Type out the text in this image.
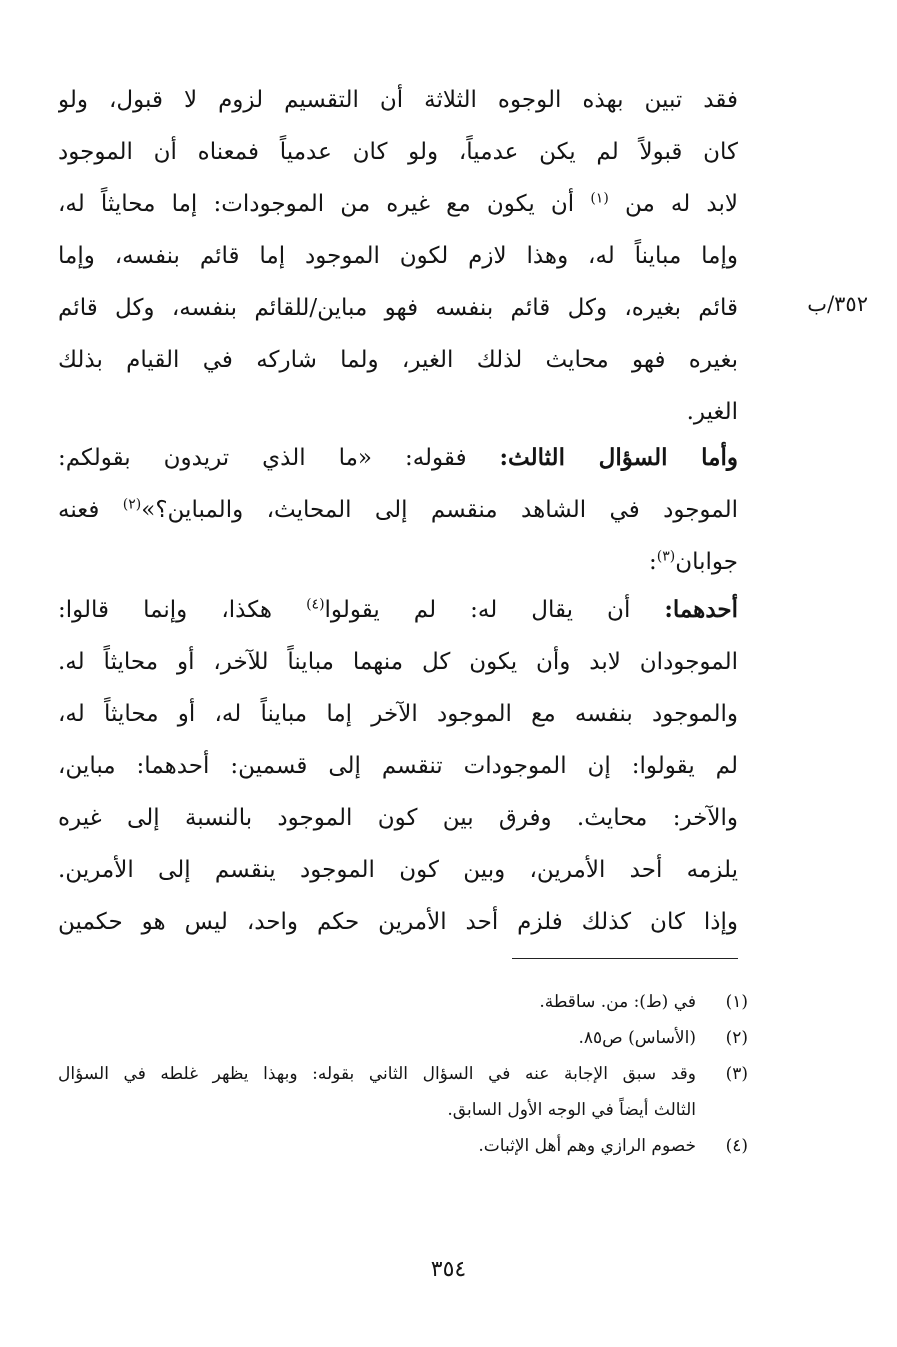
٣٥٢/ب
فقد تبين بهذه الوجوه الثلاثة أن التقسيم لزوم لا قبول، ولو
كان قبولاً لم يكن عدمياً، ولو كان عدمياً فمعناه أن الموجود
لابد له من $^{(١)}$ أن يكون مع غيره من الموجودات: إما محايثاً له،
وإما مبايناً له، وهذا لازم لكون الموجود إما قائم بنفسه، وإما
قائم بغيره، وكل قائم بنفسه فهو مباين/للقائم بنفسه، وكل قائم
بغيره فهو محايث لذلك الغير، ولما شاركه في القيام بذلك
الغير.
وأما السؤال الثالث: فقوله: «ما الذي تريدون بقولكم:
الموجود في الشاهد منقسم إلى المحايث، والمباين؟»$^{(٢)}$ فعنه
جوابان$^{(٣)}$:
أحدهما: أن يقال له: لم يقولوا$^{(٤)}$ هكذا، وإنما قالوا:
الموجودان لابد وأن يكون كل منهما مبايناً للآخر، أو محايثاً له.
والموجود بنفسه مع الموجود الآخر إما مبايناً له، أو محايثاً له،
لم يقولوا: إن الموجودات تنقسم إلى قسمين: أحدهما: مباين،
والآخر: محايث. وفرق بين كون الموجود بالنسبة إلى غيره
يلزمه أحد الأمرين، وبين كون الموجود ينقسم إلى الأمرين.
وإذا كان كذلك فلزم أحد الأمرين حكم واحد، ليس هو حكمين
(١)
في (ط): من. ساقطة.
(٢)
(الأساس) ص٨٥.
(٣)
وقد سبق الإجابة عنه في السؤال الثاني بقوله: وبهذا يظهر غلطه في السؤال
الثالث أيضاً في الوجه الأول السابق.
(٤)
خصوم الرازي وهم أهل الإثبات.
٣٥٤
